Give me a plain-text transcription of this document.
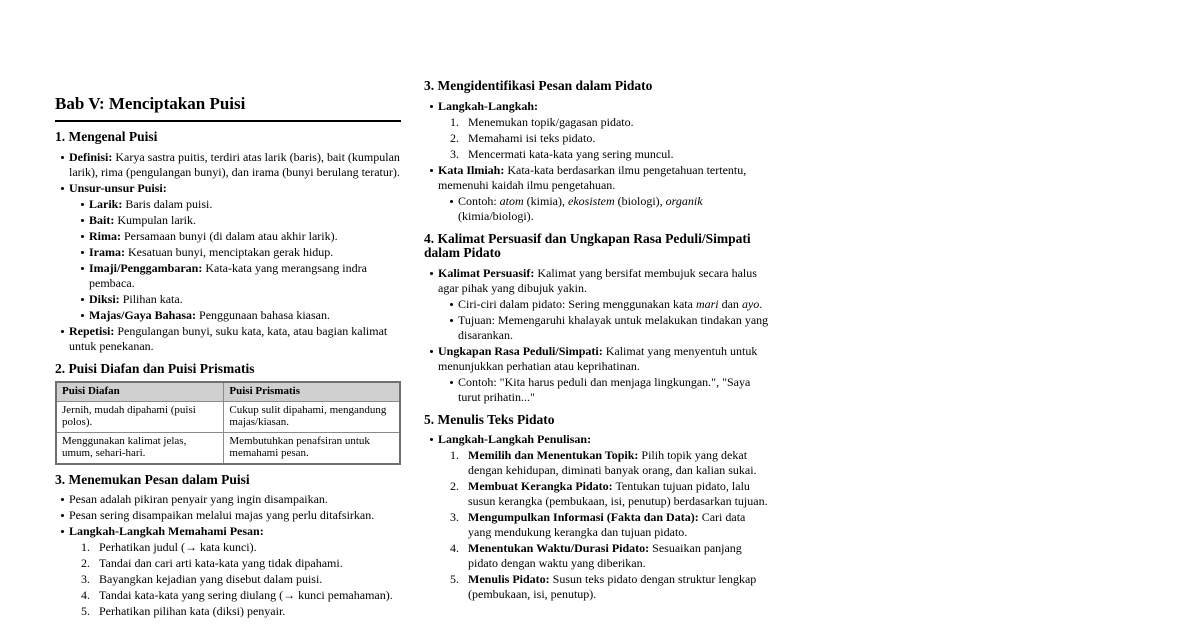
Bab V: Menciptakan Puisi
1. Mengenal Puisi
Definisi: Karya sastra puitis, terdiri atas larik (baris), bait (kumpulan larik), rima (pengulangan bunyi), dan irama (bunyi berulang teratur).
Unsur-unsur Puisi:
Larik: Baris dalam puisi.
Bait: Kumpulan larik.
Rima: Persamaan bunyi (di dalam atau akhir larik).
Irama: Kesatuan bunyi, menciptakan gerak hidup.
Imaji/Penggambaran: Kata-kata yang merangsang indra pembaca.
Diksi: Pilihan kata.
Majas/Gaya Bahasa: Penggunaan bahasa kiasan.
Repetisi: Pengulangan bunyi, suku kata, kata, atau bagian kalimat untuk penekanan.
2. Puisi Diafan dan Puisi Prismatis
Puisi Diafan	Puisi Prismatis
Jernih, mudah dipahami (puisi polos).	Cukup sulit dipahami, mengandung majas/kiasan.
Menggunakan kalimat jelas, umum, sehari-hari.	Membutuhkan penafsiran untuk memahami pesan.
3. Menemukan Pesan dalam Puisi
Pesan adalah pikiran penyair yang ingin disampaikan.
Pesan sering disampaikan melalui majas yang perlu ditafsirkan.
Langkah-Langkah Memahami Pesan:
1. Perhatikan judul (→ kata kunci).
2. Tandai dan cari arti kata-kata yang tidak dipahami.
3. Bayangkan kejadian yang disebut dalam puisi.
4. Tandai kata-kata yang sering diulang (→ kunci pemahaman).
5. Perhatikan pilihan kata (diksi) penyair.
3. Mengidentifikasi Pesan dalam Pidato
Langkah-Langkah:
1. Menemukan topik/gagasan pidato.
2. Memahami isi teks pidato.
3. Mencermati kata-kata yang sering muncul.
Kata Ilmiah: Kata-kata berdasarkan ilmu pengetahuan tertentu, memenuhi kaidah ilmu pengetahuan.
Contoh: atom (kimia), ekosistem (biologi), organik (kimia/biologi).
4. Kalimat Persuasif dan Ungkapan Rasa Peduli/Simpati dalam Pidato
Kalimat Persuasif: Kalimat yang bersifat membujuk secara halus agar pihak yang dibujuk yakin.
Ciri-ciri dalam pidato: Sering menggunakan kata mari dan ayo.
Tujuan: Memengaruhi khalayak untuk melakukan tindakan yang disarankan.
Ungkapan Rasa Peduli/Simpati: Kalimat yang menyentuh untuk menunjukkan perhatian atau keprihatinan.
Contoh: "Kita harus peduli dan menjaga lingkungan.", "Saya turut prihatin..."
5. Menulis Teks Pidato
Langkah-Langkah Penulisan:
1. Memilih dan Menentukan Topik: Pilih topik yang dekat dengan kehidupan, diminati banyak orang, dan kalian sukai.
2. Membuat Kerangka Pidato: Tentukan tujuan pidato, lalu susun kerangka (pembukaan, isi, penutup) berdasarkan tujuan.
3. Mengumpulkan Informasi (Fakta dan Data): Cari data yang mendukung kerangka dan tujuan pidato.
4. Menentukan Waktu/Durasi Pidato: Sesuaikan panjang pidato dengan waktu yang diberikan.
5. Menulis Pidato: Susun teks pidato dengan struktur lengkap (pembukaan, isi, penutup).
